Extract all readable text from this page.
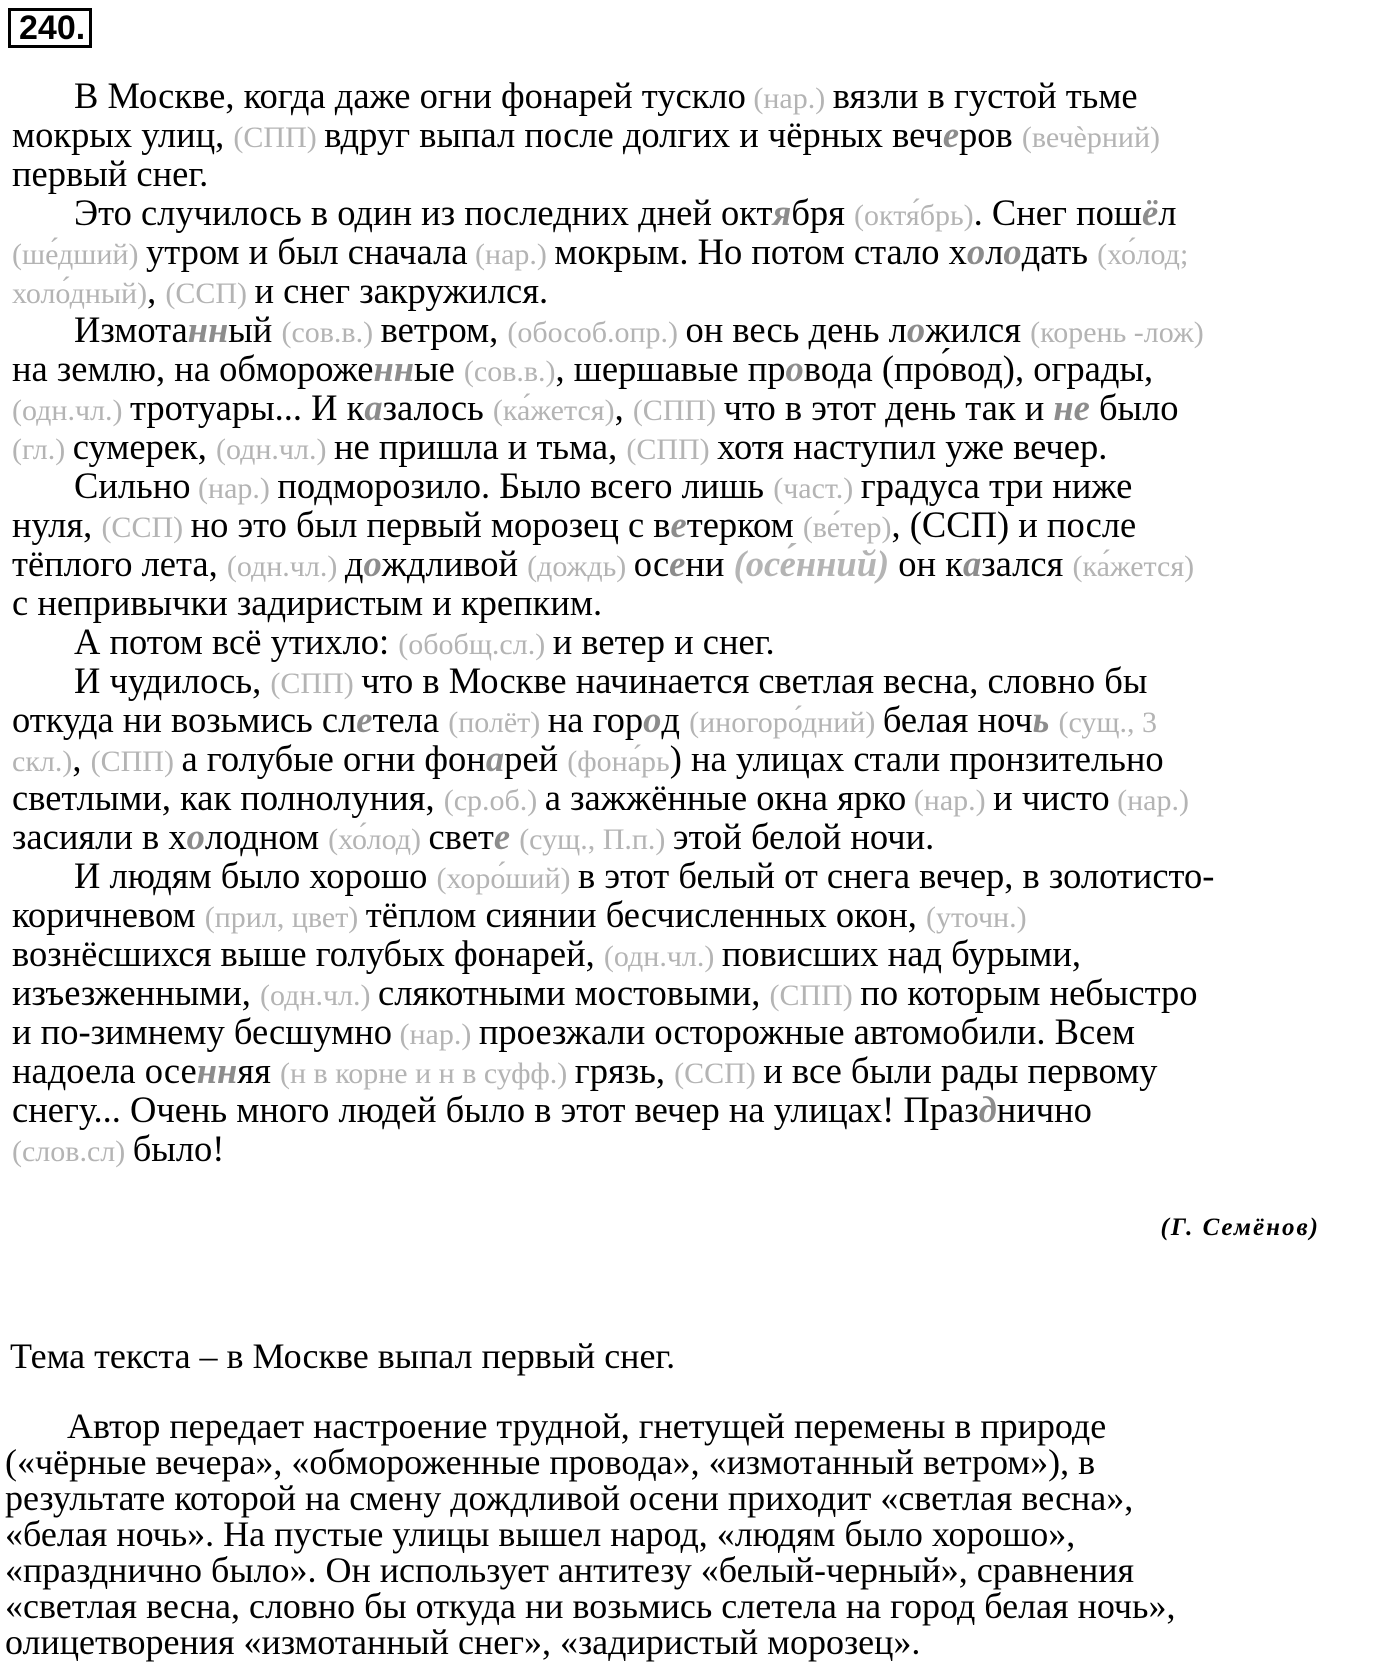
240.
В Москве, когда даже огни фонарей тускло (нар.) вязли в густой тьме
мокрых улиц, (СПП) вдруг выпал после долгих и чёрных вечеров (вечѐрний)
первый снег.
Это случилось в один из последних дней октября (октя́брь). Снег пошёл
(ше́дший) утром и был сначала (нар.) мокрым. Но потом стало холодать (хо́лод;
холо́дный), (ССП) и снег закружился.
Измотанный (сов.в.) ветром, (обособ.опр.) он весь день ложился (корень -лож)
на землю, на обмороженные (сов.в.), шершавые провода (про́вод), ограды,
(одн.чл.) тротуары... И казалось (ка́жется), (СПП) что в этот день так и не было
(гл.) сумерек, (одн.чл.) не пришла и тьма, (СПП) хотя наступил уже вечер.
Сильно (нар.) подморозило. Было всего лишь (част.) градуса три ниже
нуля, (ССП) но это был первый морозец с ветерком (ве́тер), (ССП) и после
тёплого лета, (одн.чл.) дождливой (дождь) осени (осе́нний) он казался (ка́жется)
с непривычки задиристым и крепким.
А потом всё утихло: (обобщ.сл.) и ветер и снег.
И чудилось, (СПП) что в Москве начинается светлая весна, словно бы
откуда ни возьмись слетела (полёт) на город (иногоро́дний) белая ночь (сущ., 3
скл.), (СПП) а голубые огни фонарей (фона́рь) на улицах стали пронзительно
светлыми, как полнолуния, (ср.об.) а зажжённые окна ярко (нар.) и чисто (нар.)
засияли в холодном (хо́лод) свете (сущ., П.п.) этой белой ночи.
И людям было хорошо (хоро́ший) в этот белый от снега вечер, в золотисто-
коричневом (прил, цвет) тёплом сиянии бесчисленных окон, (уточн.)
вознёсшихся выше голубых фонарей, (одн.чл.) повисших над бурыми,
изъезженными, (одн.чл.) слякотными мостовыми, (СПП) по которым небыстро
и по-зимнему бесшумно (нар.) проезжали осторожные автомобили. Всем
надоела осенняя (н в корне и н в суфф.) грязь, (ССП) и все были рады первому
снегу... Очень много людей было в этот вечер на улицах! Празднично
(слов.сл) было!
(Г. Семёнов)
Тема текста – в Москве выпал первый снег.
Автор передает настроение трудной, гнетущей перемены в природе
(«чёрные вечера», «обмороженные провода», «измотанный ветром»), в
результате которой на смену дождливой осени приходит «светлая весна»,
«белая ночь». На пустые улицы вышел народ, «людям было хорошо»,
«празднично было». Он использует антитезу «белый-черный», сравнения
«светлая весна, словно бы откуда ни возьмись слетела на город белая ночь»,
олицетворения «измотанный снег», «задиристый морозец».
